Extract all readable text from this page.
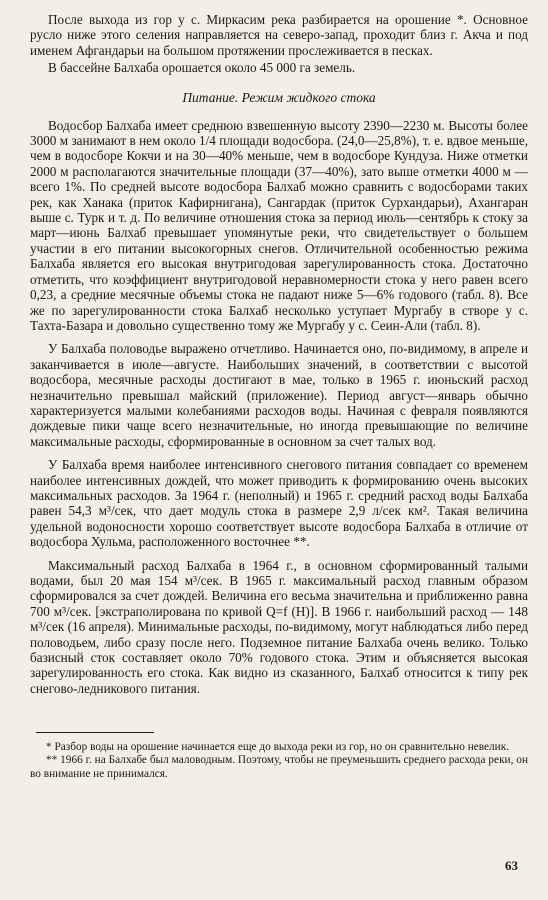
После выхода из гор у с. Миркасим река разбирается на орошение *. Основное русло ниже этого селения направляется на северо-запад, проходит близ г. Акча и под именем Афгандарьи на большом протяжении прослеживается в песках.

В бассейне Балхаба орошается около 45 000 га земель.

Питание. Режим жидкого стока

Водосбор Балхаба имеет среднюю взвешенную высоту 2390—2230 м. Высоты более 3000 м занимают в нем около 1/4 площади водосбора. (24,0—25,8%), т. е. вдвое меньше, чем в водосборе Кокчи и на 30—40% меньше, чем в водосборе Кундуза. Ниже отметки 2000 м располагаются значительные площади (37—40%), зато выше отметки 4000 м — всего 1%. По средней высоте водосбора Балхаб можно сравнить с водосборами таких рек, как Ханака (приток Кафирнигана), Сангардак (приток Сурхандарьи), Ахангаран выше с. Турк и т. д. По величине отношения стока за период июль—сентябрь к стоку за март—июнь Балхаб превышает упомянутые реки, что свидетельствует о большем участии в его питании высокогорных снегов. Отличительной особенностью режима Балхаба является его высокая внутригодовая зарегулированность стока. Достаточно отметить, что коэффициент внутригодовой неравномерности стока у него равен всего 0,23, а средние месячные объемы стока не падают ниже 5—6% годового (табл. 8). Все же по зарегулированности стока Балхаб несколько уступает Мургабу в створе у с. Тахта-Базара и довольно существенно тому же Мургабу у с. Сеин-Али (табл. 8).

У Балхаба половодье выражено отчетливо. Начинается оно, по-видимому, в апреле и заканчивается в июле—августе. Наибольших значений, в соответствии с высотой водосбора, месячные расходы достигают в мае, только в 1965 г. июньский расход незначительно превышал майский (приложение). Период август—январь обычно характеризуется малыми колебаниями расходов воды. Начиная с февраля появляются дождевые пики чаще всего незначительные, но иногда превышающие по величине максимальные расходы, сформированные в основном за счет талых вод.

У Балхаба время наиболее интенсивного снегового питания совпадает со временем наиболее интенсивных дождей, что может приводить к формированию очень высоких максимальных расходов. За 1964 г. (неполный) и 1965 г. средний расход воды Балхаба равен 54,3 м³/сек, что дает модуль стока в размере 2,9 л/сек км². Такая величина удельной водоносности хорошо соответствует высоте водосбора Балхаба в отличие от водосбора Хульма, расположенного восточнее **.

Максимальный расход Балхаба в 1964 г., в основном сформированный талыми водами, был 20 мая 154 м³/сек. В 1965 г. максимальный расход главным образом сформировался за счет дождей. Величина его весьма значительна и приближенно равна 700 м³/сек. [экстраполирована по кривой Q=f (H)]. В 1966 г. наибольший расход — 148 м³/сек (16 апреля). Минимальные расходы, по-видимому, могут наблюдаться либо перед половодьем, либо сразу после него. Подземное питание Балхаба очень велико. Только базисный сток составляет около 70% годового стока. Этим и объясняется высокая зарегулированность его стока. Как видно из сказанного, Балхаб относится к типу рек снегово-ледникового питания.

* Разбор воды на орошение начинается еще до выхода реки из гор, но он сравнительно невелик.

** 1966 г. на Балхабе был маловодным. Поэтому, чтобы не преуменьшить среднего расхода реки, он во внимание не принимался.

63
